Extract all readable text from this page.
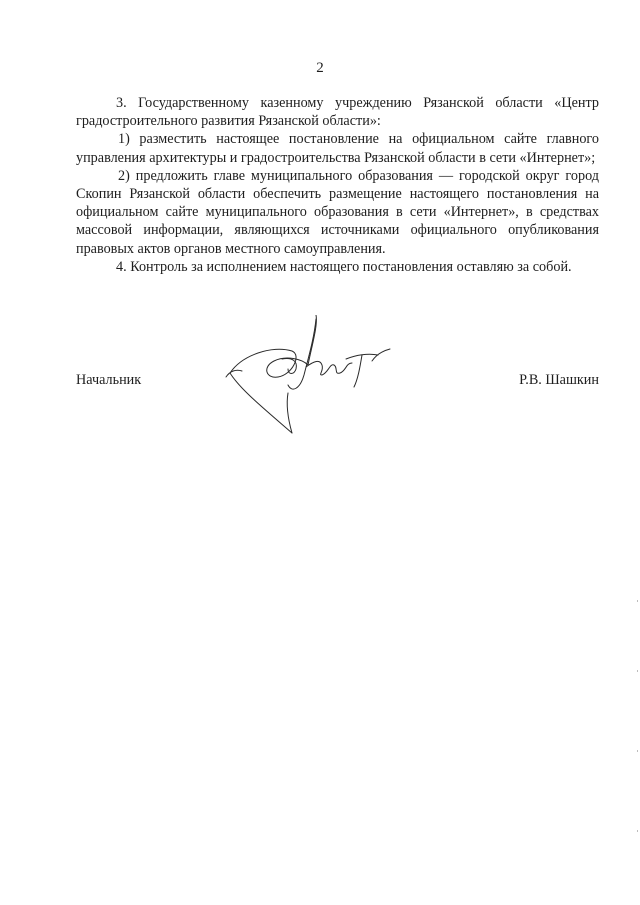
2

3. Государственному казенному учреждению Рязанской области «Центр градостроительного развития Рязанской области»:

1) разместить настоящее постановление на официальном сайте главного управления архитектуры и градостроительства Рязанской области в сети «Интернет»;

2) предложить главе муниципального образования — городской округ город Скопин Рязанской области обеспечить размещение настоящего постановления на официальном сайте муниципального образования в сети «Интернет», в средствах массовой информации, являющихся источниками официального опубликования правовых актов органов местного самоуправления.

4. Контроль за исполнением настоящего постановления оставляю за собой.

Начальник	Р.В. Шашкин
